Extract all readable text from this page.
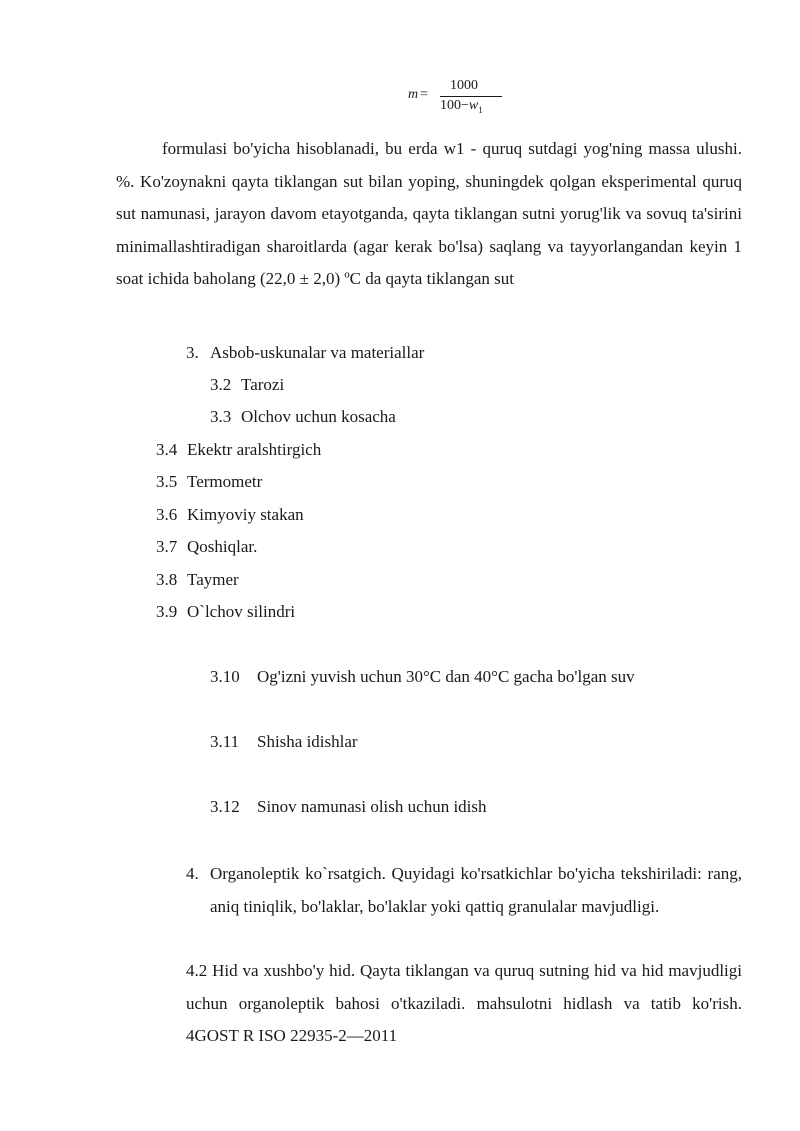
m =
1000
$100-w_1$

formulasi bo'yicha hisoblanadi, bu erda w1 - quruq sutdagi yog'ning massa ulushi. %. Ko'zoynakni qayta tiklangan sut bilan yoping, shuningdek qolgan eksperimental quruq sut namunasi, jarayon davom etayotganda, qayta tiklangan sutni yorug'lik va sovuq ta'sirini minimallashtiradigan sharoitlarda (agar kerak bo'lsa) saqlang va tayyorlangandan keyin 1 soat ichida baholang (22,0 ± 2,0) ºC da qayta tiklangan sut

3. Asbob-uskunalar va materiallar
3.2 Tarozi
3.3 Olchov uchun kosacha
3.4 Ekektr aralshtirgich
3.5 Termometr
3.6 Kimyoviy stakan
3.7 Qoshiqlar.
3.8 Taymer
3.9 O`lchov silindri
3.10 Og'izni yuvish uchun 30°C dan 40°C gacha bo'lgan suv
3.11 Shisha idishlar
3.12 Sinov namunasi olish uchun idish
4. Organoleptik ko`rsatgich. Quyidagi ko'rsatkichlar bo'yicha tekshiriladi: rang, aniq tiniqlik, bo'laklar, bo'laklar yoki qattiq granulalar mavjudligi.

4.2 Hid va xushbo'y hid. Qayta tiklangan va quruq sutning hid va hid mavjudligi uchun organoleptik bahosi o'tkaziladi. mahsulotni hidlash va tatib ko'rish. 4GOST R ISO 22935-2—2011
